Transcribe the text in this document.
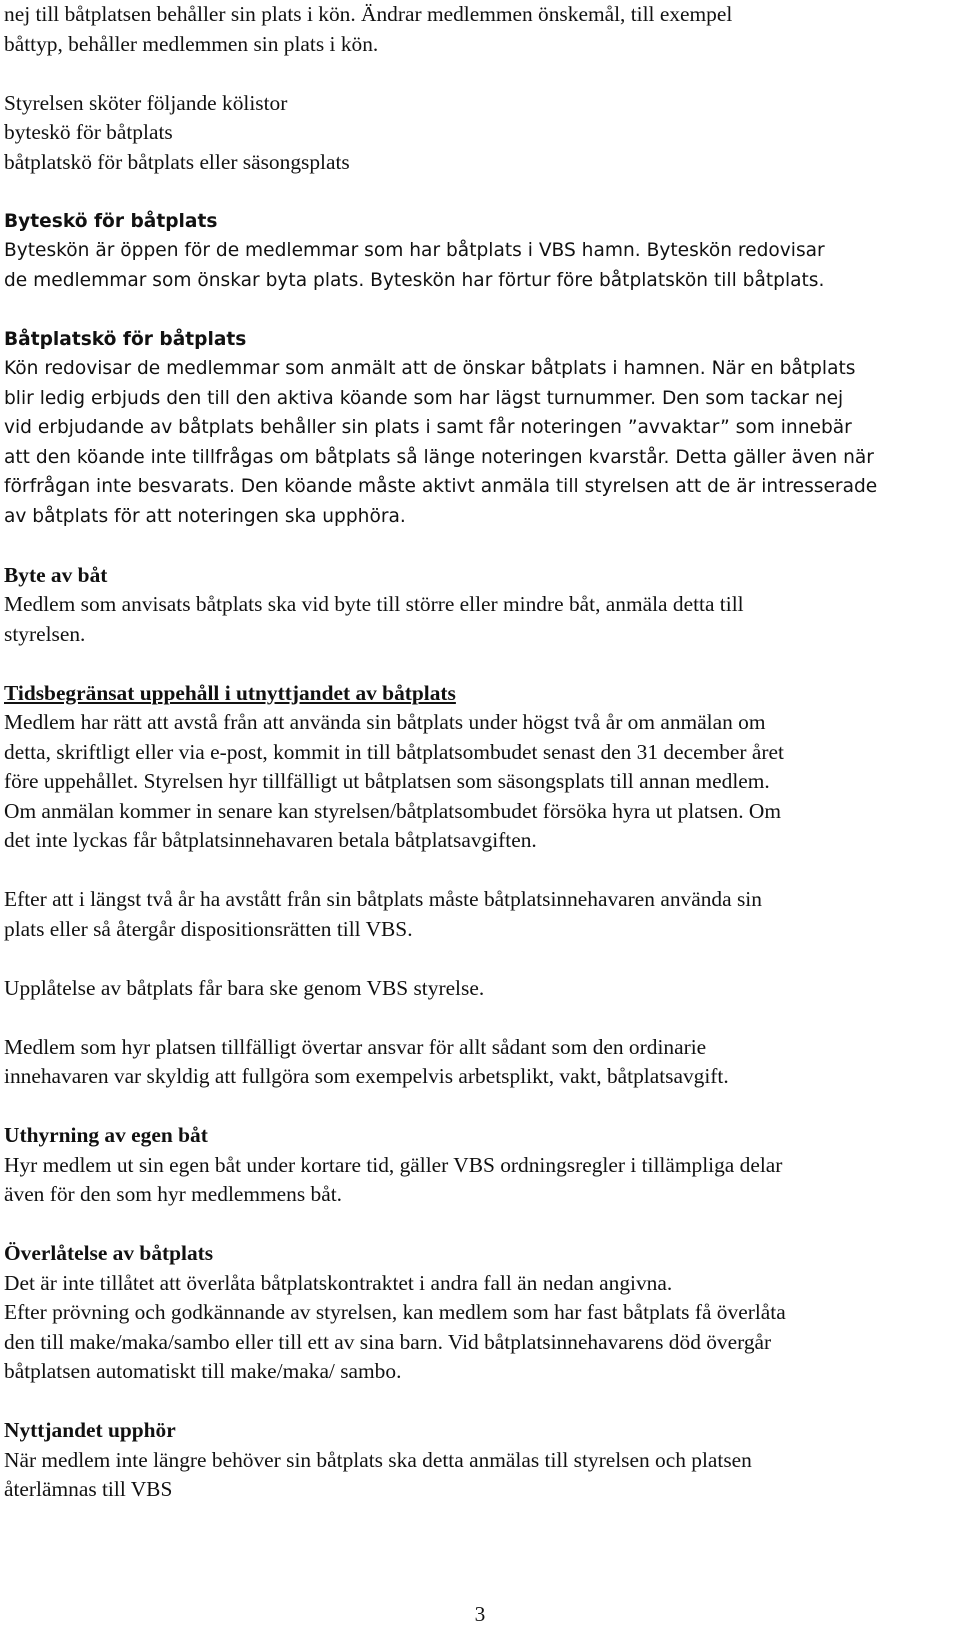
nej till båtplatsen behåller sin plats i kön. Ändrar medlemmen önskemål, till exempel

båttyp, behåller medlemmen sin plats i kön.

Styrelsen sköter följande kölistor

byteskö för båtplats

båtplatskö för båtplats eller säsongsplats

Byteskö för båtplats

Byteskön är öppen för de medlemmar som har båtplats i VBS hamn. Byteskön redovisar

de medlemmar som önskar byta plats. Byteskön har förtur före båtplatskön till båtplats.

Båtplatskö för båtplats

Kön redovisar de medlemmar som anmält att de önskar båtplats i hamnen. När en båtplats

blir ledig erbjuds den till den aktiva köande som har lägst turnummer. Den som tackar nej

vid erbjudande av båtplats behåller sin plats i samt får noteringen ”avvaktar” som innebär

att den köande inte tillfrågas om båtplats så länge noteringen kvarstår. Detta gäller även när

förfrågan inte besvarats. Den köande måste aktivt anmäla till styrelsen att de är intresserade

av båtplats för att noteringen ska upphöra.

Byte av båt

Medlem som anvisats båtplats ska vid byte till större eller mindre båt, anmäla detta till

styrelsen.

Tidsbegränsat uppehåll i utnyttjandet av båtplats

Medlem har rätt att avstå från att använda sin båtplats under högst två år om anmälan om

detta, skriftligt eller via e-post, kommit in till båtplatsombudet senast den 31 december året

före uppehållet. Styrelsen hyr tillfälligt ut båtplatsen som säsongsplats till annan medlem.

Om anmälan kommer in senare kan styrelsen/båtplatsombudet försöka hyra ut platsen. Om

det inte lyckas får båtplatsinnehavaren betala båtplatsavgiften.

Efter att i längst två år ha avstått från sin båtplats måste båtplatsinnehavaren använda sin

plats eller så återgår dispositionsrätten till VBS.

Upplåtelse av båtplats får bara ske genom VBS styrelse.

Medlem som hyr platsen tillfälligt övertar ansvar för allt sådant som den ordinarie

innehavaren var skyldig att fullgöra som exempelvis arbetsplikt, vakt, båtplatsavgift.

Uthyrning av egen båt

Hyr medlem ut sin egen båt under kortare tid, gäller VBS ordningsregler i tillämpliga delar

även för den som hyr medlemmens båt.

Överlåtelse av båtplats

Det är inte tillåtet att överlåta båtplatskontraktet i andra fall än nedan angivna.

Efter prövning och godkännande av styrelsen, kan medlem som har fast båtplats få överlåta

den till make/maka/sambo eller till ett av sina barn. Vid båtplatsinnehavarens död övergår

båtplatsen automatiskt till make/maka/ sambo.

Nyttjandet upphör

När medlem inte längre behöver sin båtplats ska detta anmälas till styrelsen och platsen

återlämnas till VBS

3
